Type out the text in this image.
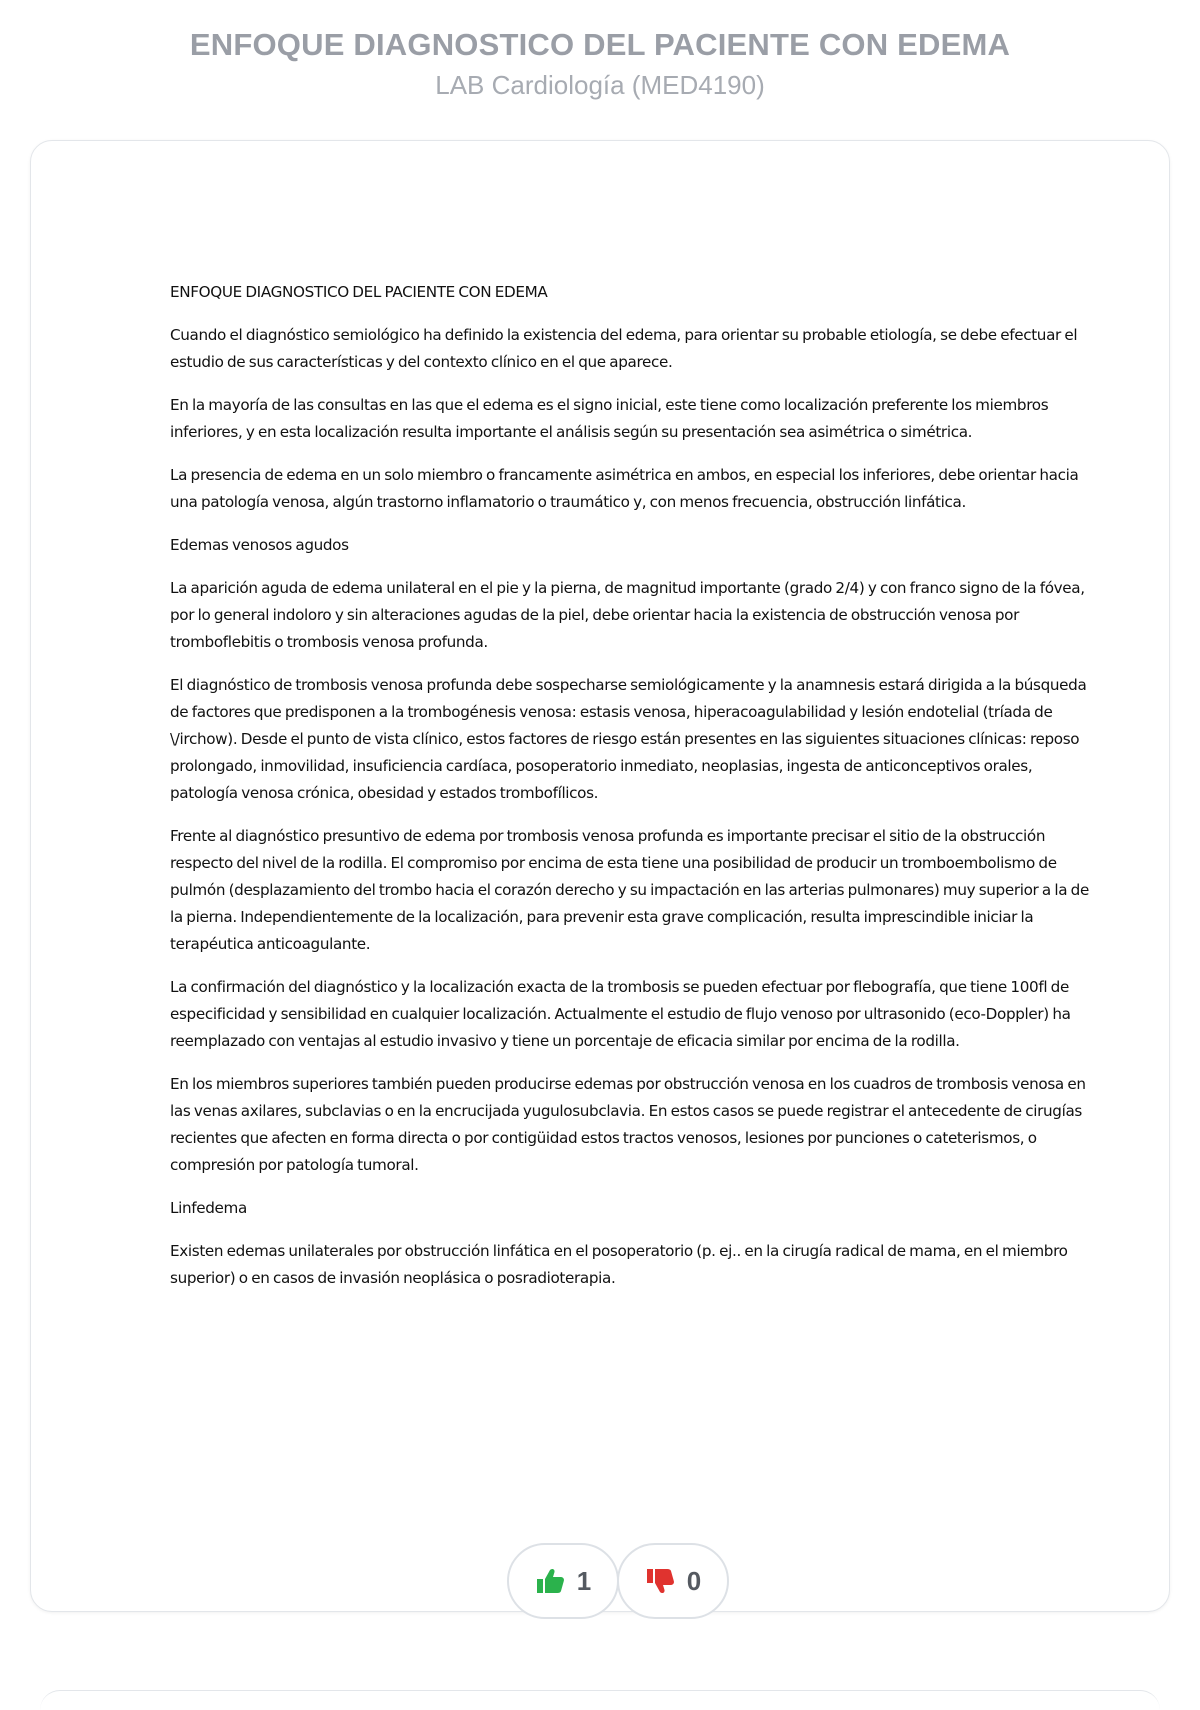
ENFOQUE DIAGNOSTICO DEL PACIENTE CON EDEMA
LAB Cardiología (MED4190)

ENFOQUE DIAGNOSTICO DEL PACIENTE CON EDEMA

Cuando el diagnóstico semiológico ha definido la existencia del edema, para orientar su probable etiología, se debe efectuar el estudio de sus características y del contexto clínico en el que aparece.

En la mayoría de las consultas en las que el edema es el signo inicial, este tiene como localización preferente los miembros inferiores, y en esta localización resulta importante el análisis según su presentación sea asimétrica o simétrica.

La presencia de edema en un solo miembro o francamente asimétrica en ambos, en especial los inferiores, debe orientar hacia una patología venosa, algún trastorno inflamatorio o traumático y, con menos frecuencia, obstrucción linfática.

Edemas venosos agudos

La aparición aguda de edema unilateral en el pie y la pierna, de magnitud importante (grado 2/4) y con franco signo de la fóvea, por lo general indoloro y sin alteraciones agudas de la piel, debe orientar hacia la existencia de obstrucción venosa por tromboflebitis o trombosis venosa profunda.

El diagnóstico de trombosis venosa profunda debe sospecharse semiológicamente y la anamnesis estará dirigida a la búsqueda de factores que predisponen a la trombogénesis venosa: estasis venosa, hiperacoagulabilidad y lesión endotelial (tríada de \/irchow). Desde el punto de vista clínico, estos factores de riesgo están presentes en las siguientes situaciones clínicas: reposo prolongado, inmovilidad, insuficiencia cardíaca, posoperatorio inmediato, neoplasias, ingesta de anticonceptivos orales, patología venosa crónica, obesidad y estados trombofílicos.

Frente al diagnóstico presuntivo de edema por trombosis venosa profunda es importante precisar el sitio de la obstrucción respecto del nivel de la rodilla. El compromiso por encima de esta tiene una posibilidad de producir un tromboembolismo de pulmón (desplazamiento del trombo hacia el corazón derecho y su impactación en las arterias pulmonares) muy superior a la de la pierna. Independientemente de la localización, para prevenir esta grave complicación, resulta imprescindible iniciar la terapéutica anticoagulante.

La confirmación del diagnóstico y la localización exacta de la trombosis se pueden efectuar por flebografía, que tiene 100fl de especificidad y sensibilidad en cualquier localización. Actualmente el estudio de flujo venoso por ultrasonido (eco-Doppler) ha reemplazado con ventajas al estudio invasivo y tiene un porcentaje de eficacia similar por encima de la rodilla.

En los miembros superiores también pueden producirse edemas por obstrucción venosa en los cuadros de trombosis venosa en las venas axilares, subclavias o en la encrucijada yugulosubclavia. En estos casos se puede registrar el antecedente de cirugías recientes que afecten en forma directa o por contigüidad estos tractos venosos, lesiones por punciones o cateterismos, o compresión por patología tumoral.

Linfedema

Existen edemas unilaterales por obstrucción linfática en el posoperatorio (p. ej.. en la cirugía radical de mama, en el miembro superior) o en casos de invasión neoplásica o posradioterapia.

1	0
